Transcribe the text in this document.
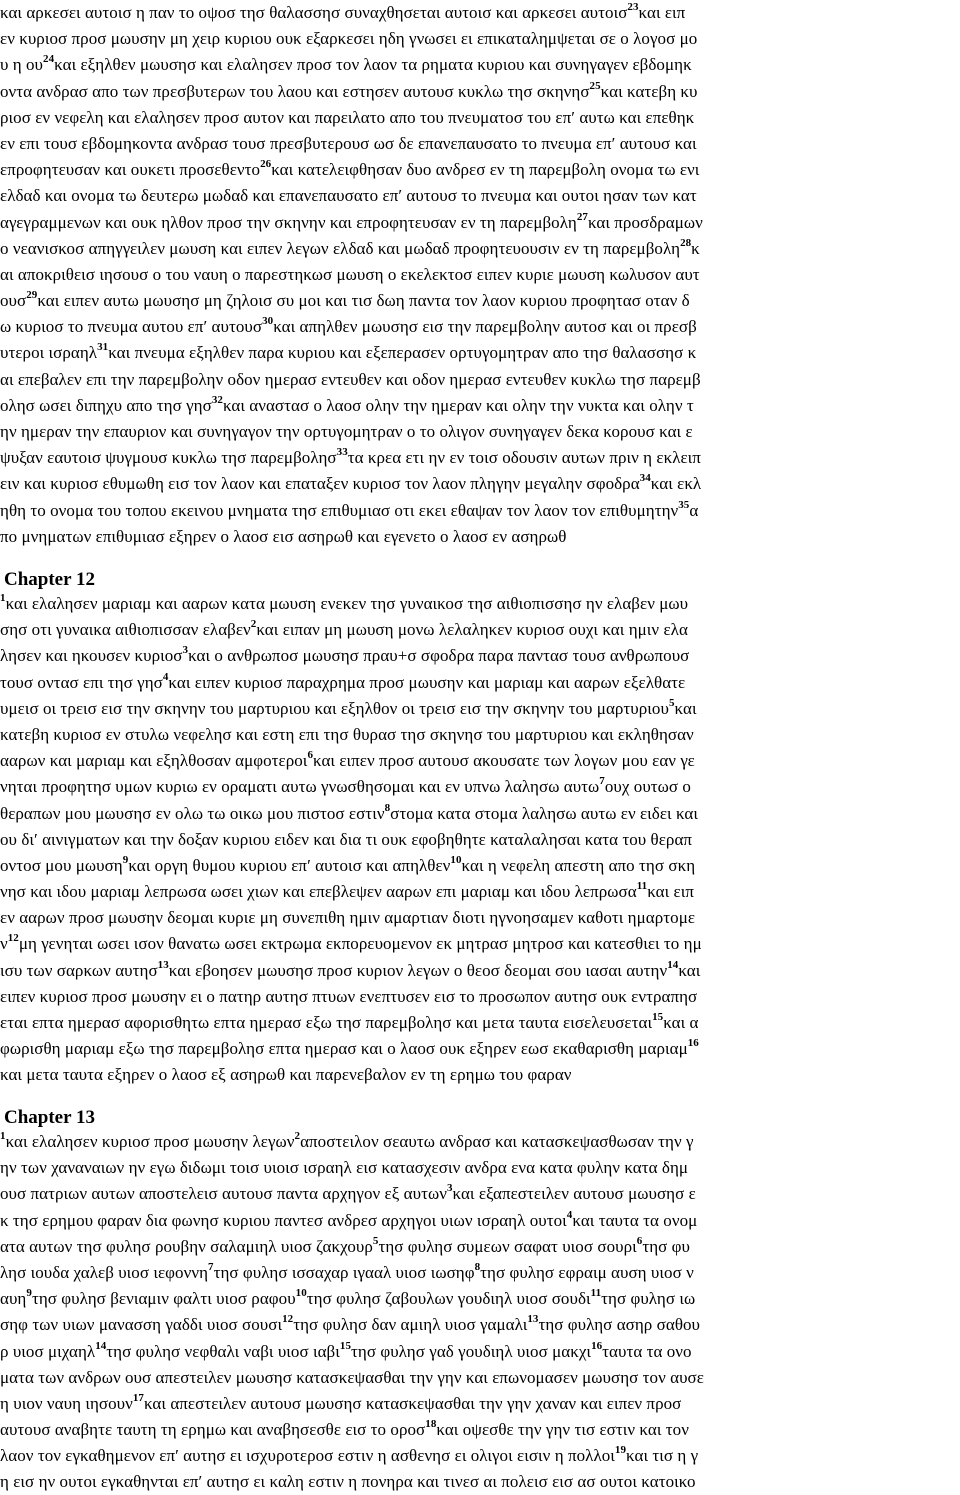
και αρκεσει αυτοισ η παν το οψοσ τησ θαλασσησ συναχθησεται αυτοισ και αρκεσει αυτοισ$^{23}$και ειπ
εν κυριοσ προσ μωυσην μη χειρ κυριου ουκ εξαρκεσει ηδη γνωσει ει επικαταλημψεται σε ο λογοσ μο
υ η $o\upsilon^{24}\kappa\alpha\iota$ εξηλθεν μωυσησ και ελαλησεν προσ τον λαον τα ρηματα κυριου και συνηγαγεν εβδομηκ
οντα ανδρασ απο των πρεσβυτερων του λαου και εστησεν αυτουσ κυκλω τησ σκηνησ$^{25}$και κατεβη κυ
ριοσ εν νεφελη και ελαλησεν προσ αυτον και παρειλατο απο του πνευματοσ του επʹ αυτω και επεθηκ
εν επι τουσ εβδομηκοντα ανδρασ τουσ πρεσβυτερουσ ωσ δε επανεπαυσατο το πνευμα επʹ αυτουσ και
επροφητευσαν και ουκετι προσεθεντο$^{26}$και κατελειφθησαν δυο ανδρεσ εν τη παρεμβολη ονομα τω ενι
ελδαδ και ονομα τω δευτερω μωδαδ και επανεπαυσατο επʹ αυτουσ το πνευμα και ουτοι ησαν των κατ
αγεγραμμενων και ουκ ηλθον προσ την σκηνην και επροφητευσαν εν τη παρεμβολη$^{27}$και προσδραμων
ο νεανισκοσ απηγγειλεν μωυση και ειπεν λεγων ελδαδ και μωδαδ προφητευουσιν εν τη παρεμβολη$^{28}$κ
αι αποκριθεισ ιησουσ ο του ναυη ο παρεστηκωσ μωυση ο εκελεκτοσ ειπεν κυριε μωυση κωλυσον αυτ
ουσ$^{29}$και ειπεν αυτω μωυσησ μη ζηλοισ συ μοι και τισ δωη παντα τον λαον κυριου προφητασ οταν δ
ω κυριοσ το πνευμα αυτου επʹ αυτουσ$^{30}$και απηλθεν μωυσησ εισ την παρεμβολην αυτοσ και οι πρεσβ
υτεροι ισραηλ$^{31}$και πνευμα εξηλθεν παρα κυριου και εξεπερασεν ορτυγομητραν απο τησ θαλασσησ κ
αι επεβαλεν επι την παρεμβολην οδον ημερασ εντευθεν και οδον ημερασ εντευθεν κυκλω τησ παρεμβ
ολησ ωσει διπηχυ απο τησ γησ$^{32}$και αναστασ ο λαοσ ολην την ημεραν και ολην την νυκτα και ολην τ
ην ημεραν την επαυριον και συνηγαγον την ορτυγομητραν ο το ολιγον συνηγαγεν δεκα κορουσ και ε
ψυξαν εαυτοισ ψυγμουσ κυκλω τησ παρεμβολησ$^{33}$τα κρεα ετι ην εν τοισ οδουσιν αυτων πριν η εκλειπ
ειν και κυριοσ εθυμωθη εισ τον λαον και επαταξεν κυριοσ τον λαον πληγην μεγαλην σφοδρα$^{34}$και εκλ
ηθη το ονομα του τοπου εκεινου μνηματα τησ επιθυμιασ οτι εκει εθαψαν τον λαον τον επιθυμητην$^{35}$α
πο μνηματων επιθυμιασ εξηρεν ο λαοσ εισ ασηρωθ και εγενετο ο λαοσ εν ασηρωθ
Chapter 12
$^1$και ελαλησεν μαριαμ και ααρων κατα μωυση ενεκεν τησ γυναικοσ τησ αιθιοπισσησ ην ελαβεν μωυ
σησ οτι γυναικα αιθιοπισσαν ελαβεν$^2$και ειπαν μη μωυση μονω λελαληκεν κυριοσ ουχι και ημιν ελα
λησεν και ηκουσεν κυριοσ$^3$και ο ανθρωποσ μωυσησ πραυ+σ σφοδρα παρα παντασ τουσ ανθρωπουσ
τουσ οντασ επι τησ γησ$^4$και ειπεν κυριοσ παραχρημα προσ μωυσην και μαριαμ και ααρων εξελθατε
υμεισ οι τρεισ εισ την σκηνην του μαρτυριου και εξηλθον οι τρεισ εισ την σκηνην του μαρτυριου$^5$και
κατεβη κυριοσ εν στυλω νεφελησ και εστη επι τησ θυρασ τησ σκηνησ του μαρτυριου και εκληθησαν
ααρων και μαριαμ και εξηλθοσαν αμφοτεροι$^6$και ειπεν προσ αυτουσ ακουσατε των λογων μου εαν γε
νηται προφητησ υμων κυριω εν οραματι αυτω γνωσθησομαι και εν υπνω λαλησω αυτω$^7$ουχ ουτωσ ο
θεραπων μου μωυσησ εν ολω τω οικω μου πιστοσ εστιν$^8$στομα κατα στομα λαλησω αυτω εν ειδει και
ου διʹ αινιγματων και την δοξαν κυριου ειδεν και δια τι ουκ εφοβηθητε καταλαλησαι κατα του θεραπ
οντοσ μου μωυση$^9$και οργη θυμου κυριου επʹ αυτοισ και απηλθεν$^{10}$και η νεφελη απεστη απο τησ σκη
νησ και ιδου μαριαμ λεπρωσα ωσει χιων και επεβλεψεν ααρων επι μαριαμ και ιδου λεπρωσα$^{11}$και ειπ
εν ααρων προσ μωυσην δεομαι κυριε μη συνεπιθη ημιν αμαρτιαν διοτι ηγνοησαμεν καθοτι ημαρτομε
$\nu^{12}\mu\eta$ γενηται ωσει ισον θανατω ωσει εκτρωμα εκπορευομενον εκ μητρασ μητροσ και κατεσθιει το ημ
ισυ των σαρκων αυτησ$^{13}$και εβοησεν μωυσησ προσ κυριον λεγων ο θεοσ δεομαι σου ιασαι αυτην$^{14}$και
ειπεν κυριοσ προσ μωυσην ει ο πατηρ αυτησ πτυων ενεπτυσεν εισ το προσωπον αυτησ ουκ εντραπησ
εται επτα ημερασ αφορισθητω επτα ημερασ εξω τησ παρεμβολησ και μετα ταυτα εισελευσεται$^{15}$και α
φωρισθη μαριαμ εξω τησ παρεμβολησ επτα ημερασ και ο λαοσ ουκ εξηρεν εωσ εκαθαρισθη μαριαμ$^{16}$
και μετα ταυτα εξηρεν ο λαοσ εξ ασηρωθ και παρενεβαλον εν τη ερημω του φαραν
Chapter 13
$^1$και ελαλησεν κυριοσ προσ μωυσην λεγων$^2$αποστειλον σεαυτω ανδρασ και κατασκεψασθωσαν την γ
ην των χαναναιων ην εγω διδωμι τοισ υιοισ ισραηλ εισ κατασχεσιν ανδρα ενα κατα φυλην κατα δημ
ουσ πατριων αυτων αποστελεισ αυτουσ παντα αρχηγον εξ αυτων$^3$και εξαπεστειλεν αυτουσ μωυσησ ε
κ τησ ερημου φαραν δια φωνησ κυριου παντεσ ανδρεσ αρχηγοι υιων ισραηλ ουτοι$^4$και ταυτα τα ονομ
ατα αυτων τησ φυλησ ρουβην σαλαμιηλ υιοσ ζακχουρ$^5$τησ φυλησ συμεων σαφατ υιοσ σουρι$^6$τησ φυ
λησ ιουδα χαλεβ υιοσ ιεφοννη$^7$τησ φυλησ ισσαχαρ ιγααλ υιοσ ιωσηφ$^8$τησ φυλησ εφραιμ αυση υιοσ ν
αυη$^9$τησ φυλησ βενιαμιν φαλτι υιοσ ραφου$^{10}$τησ φυλησ ζαβουλων γουδιηλ υιοσ σουδι$^{11}$τησ φυλησ ιω
σηφ των υιων μανασση γαδδι υιοσ σουσι$^{12}$τησ φυλησ δαν αμιηλ υιοσ γαμαλι$^{13}$τησ φυλησ ασηρ σαθου
ρ υιοσ μιχαηλ$^{14}$τησ φυλησ νεφθαλι ναβι υιοσ ιαβι$^{15}$τησ φυλησ γαδ γουδιηλ υιοσ μακχι$^{16}$ταυτα τα ονο
ματα των ανδρων ουσ απεστειλεν μωυσησ κατασκεψασθαι την γην και επωνομασεν μωυσησ τον αυσε
η υιον ναυη ιησουν$^{17}$και απεστειλεν αυτουσ μωυσησ κατασκεψασθαι την γην χαναν και ειπεν προσ
αυτουσ αναβητε ταυτη τη ερημω και αναβησεσθε εισ το οροσ$^{18}$και οψεσθε την γην τισ εστιν και τον
λαον τον εγκαθημενον επʹ αυτησ ει ισχυροτεροσ εστιν η ασθενησ ει ολιγοι εισιν η πολλοι$^{19}$και τισ η γ
η εισ ην ουτοι εγκαθηνται επʹ αυτησ ει καλη εστιν η πονηρα και τινεσ αι πολεισ εισ ασ ουτοι κατοικο
